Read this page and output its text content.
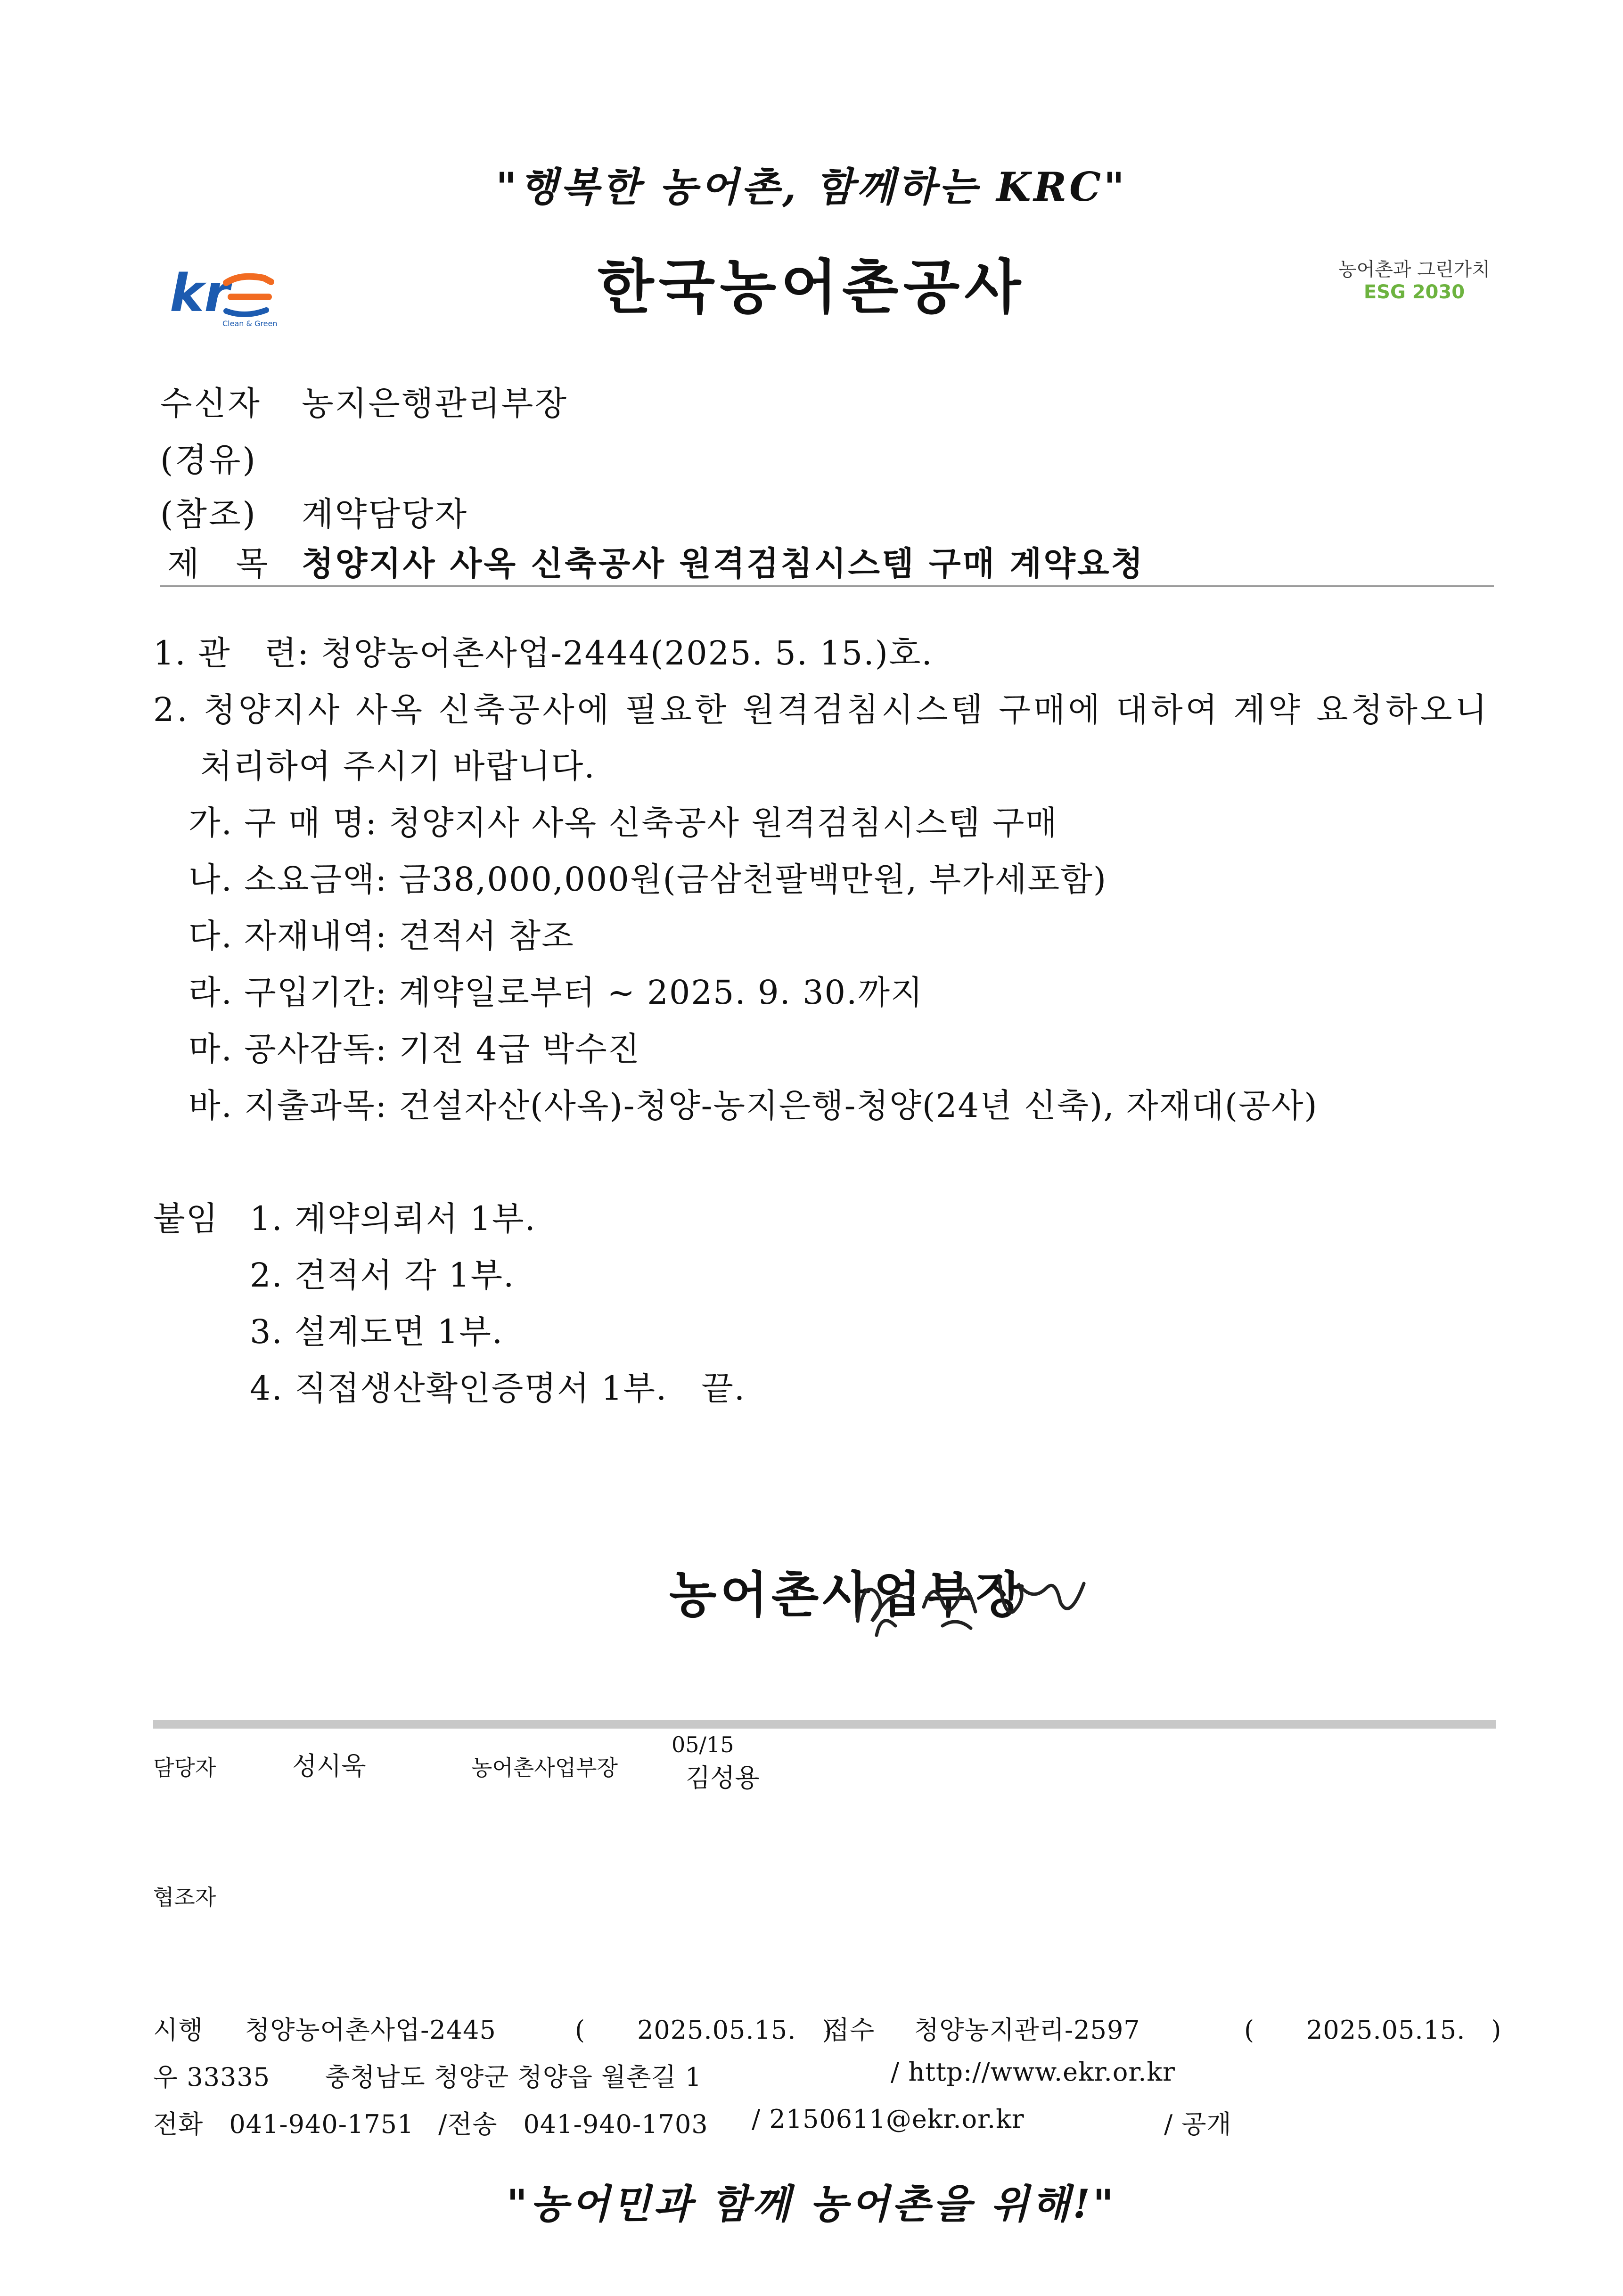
"행복한 농어촌, 함께하는 KRC"
kr
Clean & Green
한국농어촌공사	농어촌과 그린가치
ESG 2030
수신자 농지은행관리부장
(경유)
(참조) 계약담당자
제　목 청양지사 사옥 신축공사 원격검침시스템 구매 계약요청
1. 관　련: 청양농어촌사업-2444(2025. 5. 15.)호.
2. 청양지사 사옥 신축공사에 필요한 원격검침시스템 구매에 대하여 계약 요청하오니
처리하여 주시기 바랍니다.
가. 구 매 명: 청양지사 사옥 신축공사 원격검침시스템 구매
나. 소요금액: 금38,000,000원(금삼천팔백만원, 부가세포함)
다. 자재내역: 견적서 참조
라. 구입기간: 계약일로부터 ~ 2025. 9. 30.까지
마. 공사감독: 기전 4급 박수진
바. 지출과목: 건설자산(사옥)-청양-농지은행-청양(24년 신축), 자재대(공사)
붙임 1. 계약의뢰서 1부.
2. 견적서 각 1부.
3. 설계도면 1부.
4. 직접생산확인증명서 1부.　끝.
농어촌사업부장
담당자	성시욱	농어촌사업부장
05/15
김성용
협조자
시행 청양농어촌사업-2445	(　　2025.05.15.　)
접수 청양농지관리-2597	(　　2025.05.15.　)
우 33335 충청남도 청양군 청양읍 월촌길 1	/ http://www.ekr.or.kr
전화　041-940-1751 /전송　041-940-1703 / 2150611@ekr.or.kr	/ 공개
"농어민과 함께 농어촌을 위해!"
